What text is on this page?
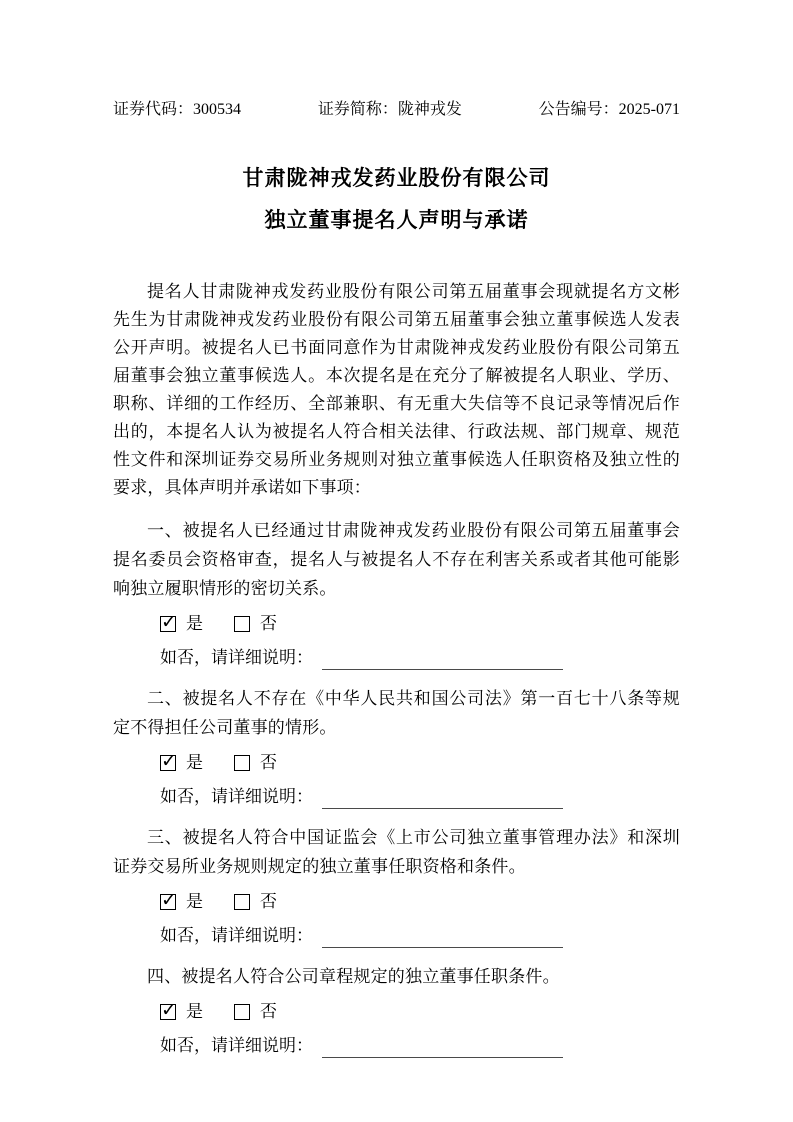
证券代码：300534	证券简称：陇神戎发	公告编号：2025-071
甘肃陇神戎发药业股份有限公司
独立董事提名人声明与承诺

提名人甘肃陇神戎发药业股份有限公司第五届董事会现就提名方文彬先生为甘肃陇神戎发药业股份有限公司第五届董事会独立董事候选人发表公开声明。被提名人已书面同意作为甘肃陇神戎发药业股份有限公司第五届董事会独立董事候选人。本次提名是在充分了解被提名人职业、学历、职称、详细的工作经历、全部兼职、有无重大失信等不良记录等情况后作出的，本提名人认为被提名人符合相关法律、行政法规、部门规章、规范性文件和深圳证券交易所业务规则对独立董事候选人任职资格及独立性的要求，具体声明并承诺如下事项：

一、被提名人已经通过甘肃陇神戎发药业股份有限公司第五届董事会提名委员会资格审查，提名人与被提名人不存在利害关系或者其他可能影响独立履职情形的密切关系。

✓ 是	否
如否，请详细说明：

二、被提名人不存在《中华人民共和国公司法》第一百七十八条等规定不得担任公司董事的情形。

✓ 是	否
如否，请详细说明：

三、被提名人符合中国证监会《上市公司独立董事管理办法》和深圳证券交易所业务规则规定的独立董事任职资格和条件。

✓ 是	否
如否，请详细说明：

四、被提名人符合公司章程规定的独立董事任职条件。

✓ 是	否
如否，请详细说明：
